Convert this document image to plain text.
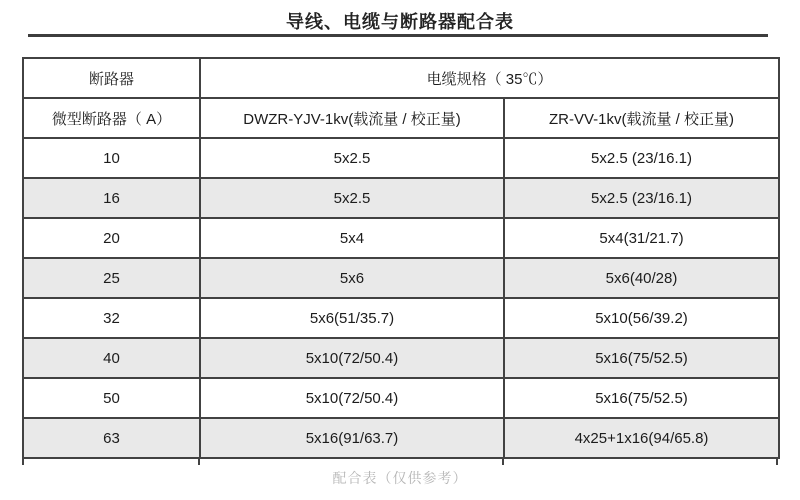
导线、电缆与断路器配合表
断路器	电缆规格（ 35℃）	
微型断路器（ A）	DWZR-YJV-1kv(载流量 / 校正量)	ZR-VV-1kv(载流量 / 校正量)
10	5x2.5	5x2.5 (23/16.1)
16	5x2.5	5x2.5 (23/16.1)
20	5x4	5x4(31/21.7)
25	5x6	5x6(40/28)
32	5x6(51/35.7)	5x10(56/39.2)
40	5x10(72/50.4)	5x16(75/52.5)
50	5x10(72/50.4)	5x16(75/52.5)
63	5x16(91/63.7)	4x25+1x16(94/65.8)
配合表（仅供参考）
